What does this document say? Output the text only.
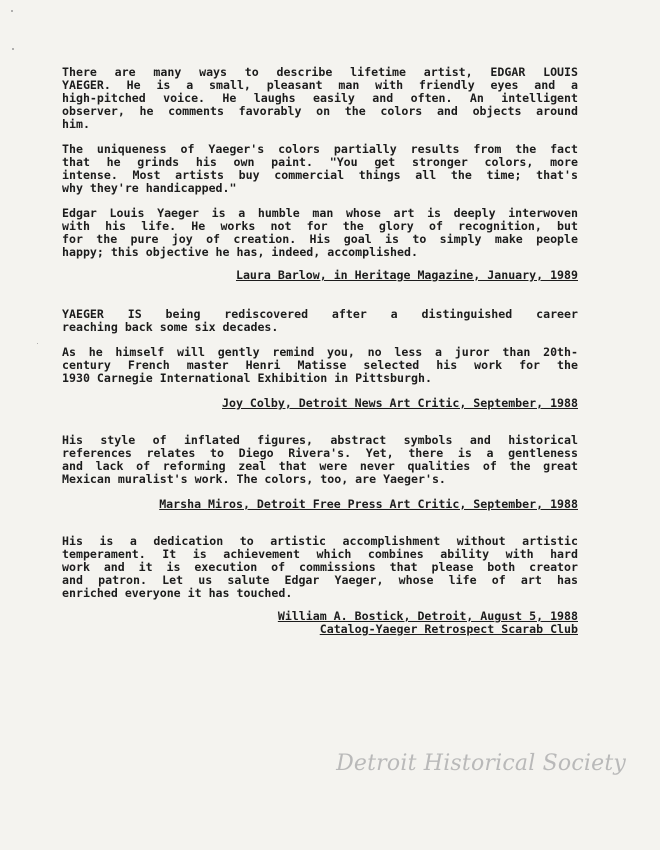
There are many ways to describe lifetime artist, EDGAR LOUIS
YAEGER. He is a small, pleasant man with friendly eyes and a
high-pitched voice. He laughs easily and often. An intelligent
observer, he comments favorably on the colors and objects around
him.

The uniqueness of Yaeger's colors partially results from the fact
that he grinds his own paint. "You get stronger colors, more
intense. Most artists buy commercial things all the time; that's
why they're handicapped."

Edgar Louis Yaeger is a humble man whose art is deeply interwoven
with his life. He works not for the glory of recognition, but
for the pure joy of creation. His goal is to simply make people
happy; this objective he has, indeed, accomplished.

Laura Barlow, in Heritage Magazine, January, 1989

YAEGER IS being rediscovered after a distinguished career
reaching back some six decades.

As he himself will gently remind you, no less a juror than 20th-
century French master Henri Matisse selected his work for the
1930 Carnegie International Exhibition in Pittsburgh.

Joy Colby, Detroit News Art Critic, September, 1988

His style of inflated figures, abstract symbols and historical
references relates to Diego Rivera's. Yet, there is a gentleness
and lack of reforming zeal that were never qualities of the great
Mexican muralist's work. The colors, too, are Yaeger's.

Marsha Miros, Detroit Free Press Art Critic, September, 1988

His is a dedication to artistic accomplishment without artistic
temperament. It is achievement which combines ability with hard
work and it is execution of commissions that please both creator
and patron. Let us salute Edgar Yaeger, whose life of art has
enriched everyone it has touched.

William A. Bostick, Detroit, August 5, 1988
Catalog-Yaeger Retrospect Scarab Club

Detroit Historical Society
